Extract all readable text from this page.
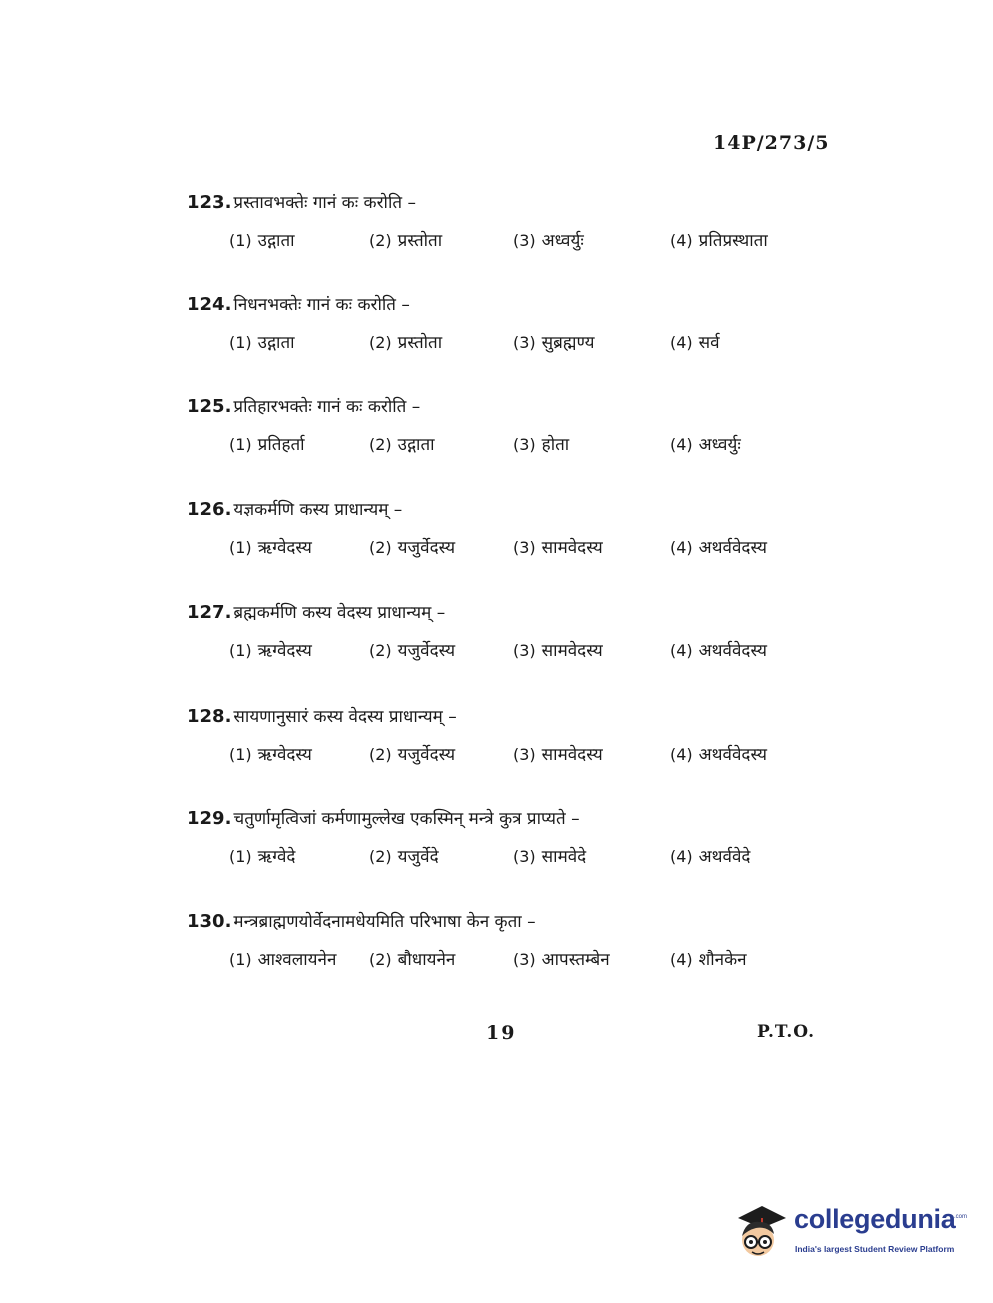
14P/273/5
123. प्रस्तावभक्तेः गानं कः करोति –
(1) उद्गाता	(2) प्रस्तोता	(3) अध्वर्युः	(4) प्रतिप्रस्थाता
124. निधनभक्तेः गानं कः करोति –
(1) उद्गाता	(2) प्रस्तोता	(3) सुब्रह्मण्य	(4) सर्व
125. प्रतिहारभक्तेः गानं कः करोति –
(1) प्रतिहर्ता	(2) उद्गाता	(3) होता	(4) अध्वर्युः
126. यज्ञकर्मणि कस्य प्राधान्यम् –
(1) ऋग्वेदस्य	(2) यजुर्वेदस्य	(3) सामवेदस्य	(4) अथर्ववेदस्य
127. ब्रह्मकर्मणि कस्य वेदस्य प्राधान्यम् –
(1) ऋग्वेदस्य	(2) यजुर्वेदस्य	(3) सामवेदस्य	(4) अथर्ववेदस्य
128. सायणानुसारं कस्य वेदस्य प्राधान्यम् –
(1) ऋग्वेदस्य	(2) यजुर्वेदस्य	(3) सामवेदस्य	(4) अथर्ववेदस्य
129. चतुर्णामृत्विजां कर्मणामुल्लेख एकस्मिन् मन्त्रे कुत्र प्राप्यते –
(1) ऋग्वेदे	(2) यजुर्वेदे	(3) सामवेदे	(4) अथर्ववेदे
130. मन्त्रब्राह्मणयोर्वेदनामधेयमिति परिभाषा केन कृता –
(1) आश्वलायनेन (2) बौधायनेन	(3) आपस्तम्बेन	(4) शौनकेन
19	P.T.O.
collegedunia
.com
India's largest Student Review Platform
